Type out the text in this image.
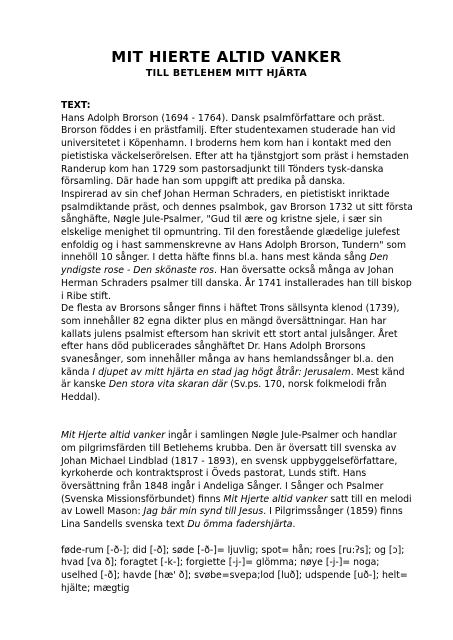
MIT HIERTE ALTID VANKER
TILL BETLEHEM MITT HJÄRTA

TEXT:

Hans Adolph Brorson (1694 - 1764). Dansk psalmförfattare och präst. Brorson föddes i en prästfamilj. Efter studentexamen studerade han vid universitetet i Köpenhamn. I broderns hem kom han i kontakt med den pietistiska väckelserörelsen. Efter att ha tjänstgjort som präst i hemstaden Randerup kom han 1729 som pastorsadjunkt till Tönders tysk-danska församling. Där hade han som uppgift att predika på danska.

Inspirerad av sin chef Johan Herman Schraders, en pietistiskt inriktade psalmdiktande präst, och dennes psalmbok, gav Brorson 1732 ut sitt första sånghäfte, Nøgle Jule-Psalmer, "Gud til ære og kristne sjele, i sær sin elskelige menighet til opmuntring. Til den forestående glædelige julefest enfoldig og i hast sammenskrevne av Hans Adolph Brorson, Tundern" som innehöll 10 sånger. I detta häfte finns bl.a. hans mest kända sång Den yndigste rose - Den skönaste ros. Han översatte också många av Johan Herman Schraders psalmer till danska. År 1741 installerades han till biskop i Ribe stift.

De flesta av Brorsons sånger finns i häftet Trons sällsynta klenod (1739), som innehåller 82 egna dikter plus en mängd översättningar. Han har kallats julens psalmist eftersom han skrivit ett stort antal julsånger. Året efter hans död publicerades sånghäftet Dr. Hans Adolph Brorsons svanesånger, som innehåller många av hans hemlandssånger bl.a. den kända I djupet av mitt hjärta en stad jag högt åtrår: Jerusalem. Mest känd är kanske Den stora vita skaran där (Sv.ps. 170, norsk folkmelodi från Heddal).

Mit Hjerte altid vanker ingår i samlingen Nøgle Jule-Psalmer och handlar om pilgrimsfärden till Betlehems krubba. Den är översatt till svenska av Johan Michael Lindblad (1817 - 1893), en svensk uppbyggelseförfattare, kyrkoherde och kontraktsprost i Öveds pastorat, Lunds stift. Hans översättning från 1848 ingår i Andeliga Sånger. I Sånger och Psalmer (Svenska Missionsförbundet) finns Mit Hjerte altid vanker satt till en melodi av Lowell Mason: Jag bär min synd till Jesus. I Pilgrimssånger (1859) finns Lina Sandells svenska text Du ömma fadershjärta.

føde-rum [-ð-]; did [-ð]; søde [-ð-]= ljuvlig; spot= hån; roes [ru:ʔs]; og [ɔ]; hvad [va ð]; foragtet [-k-]; forgiette [-j-]= glömma; nøye [-j-]= noga; uselhed [-ð]; havde [hæ' ð]; svøbe=svepa;lod [luð]; udspende [uð-]; helt= hjälte; mægtig
